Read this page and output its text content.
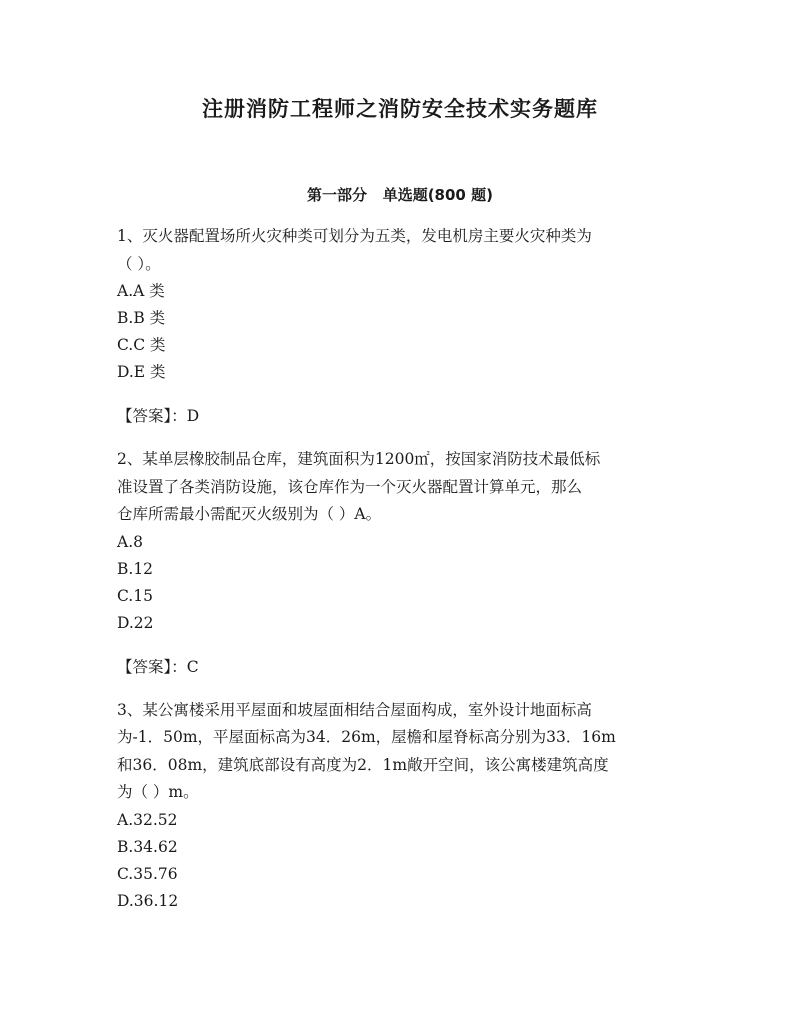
注册消防工程师之消防安全技术实务题库
第一部分   单选题(800 题)
1、灭火器配置场所火灾种类可划分为五类，发电机房主要火灾种类为
（ ）。
A.A 类
B.B 类
C.C 类
D.E 类
【答案】：D
2、某单层橡胶制品仓库，建筑面积为1200㎡，按国家消防技术最低标
准设置了各类消防设施，该仓库作为一个灭火器配置计算单元，那么
仓库所需最小需配灭火级别为（ ）A。
A.8
B.12
C.15
D.22
【答案】：C
3、某公寓楼采用平屋面和坡屋面相结合屋面构成，室外设计地面标高
为-1．50m，平屋面标高为34．26m，屋檐和屋脊标高分别为33．16m
和36．08m，建筑底部设有高度为2．1m敞开空间，该公寓楼建筑高度
为（ ）m。
A.32.52
B.34.62
C.35.76
D.36.12
